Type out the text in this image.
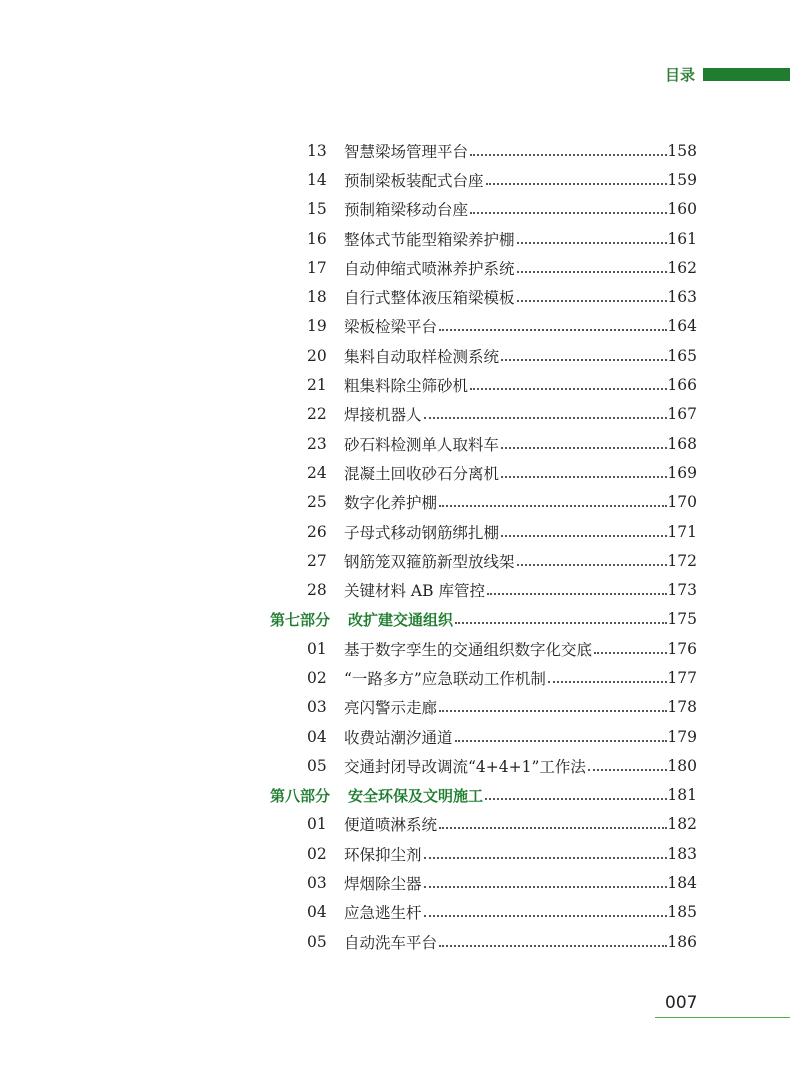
目录
13	智慧梁场管理平台	158
14	预制梁板装配式台座	159
15	预制箱梁移动台座	160
16	整体式节能型箱梁养护棚	161
17	自动伸缩式喷淋养护系统	162
18	自行式整体液压箱梁模板	163
19	梁板检梁平台	164
20	集料自动取样检测系统	165
21	粗集料除尘筛砂机	166
22	焊接机器人	167
23	砂石料检测单人取料车	168
24	混凝土回收砂石分离机	169
25	数字化养护棚	170
26	子母式移动钢筋绑扎棚	171
27	钢筋笼双箍筋新型放线架	172
28	关键材料 AB 库管控	173
第七部分 改扩建交通组织	175
01	基于数字孪生的交通组织数字化交底	176
02	“一路多方”应急联动工作机制	177
03	亮闪警示走廊	178
04	收费站潮汐通道	179
05	交通封闭导改调流“4+4+1”工作法	180
第八部分 安全环保及文明施工	181
01	便道喷淋系统	182
02	环保抑尘剂	183
03	焊烟除尘器	184
04	应急逃生杆	185
05	自动洗车平台	186
007
